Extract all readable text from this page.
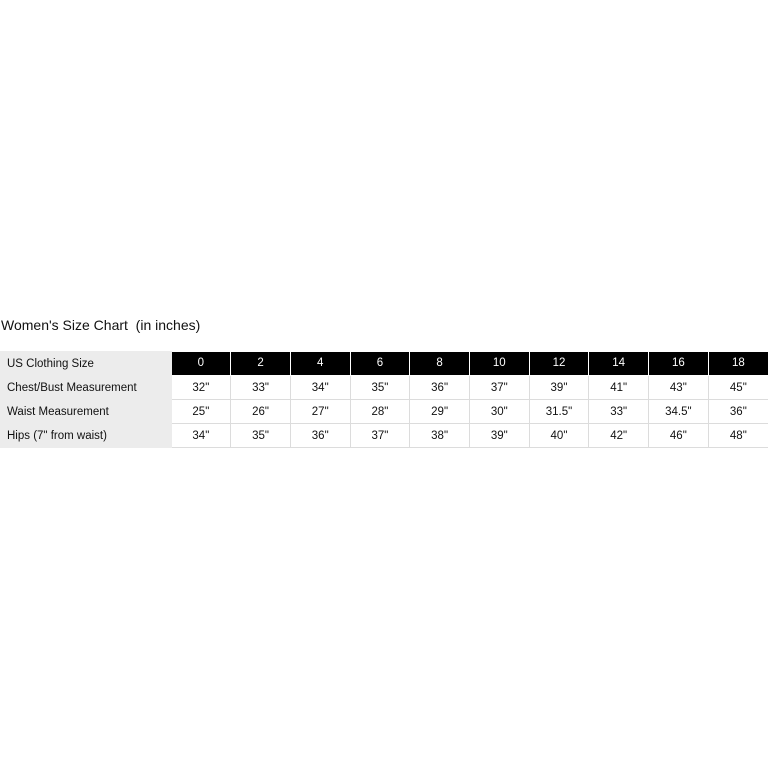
Women's Size Chart  (in inches)
US Clothing Size	0	2	4	6	8	10	12	14	16	18
Chest/Bust Measurement	32"	33"	34"	35"	36"	37"	39"	41"	43"	45"
Waist Measurement	25"	26"	27"	28"	29"	30"	31.5"	33"	34.5"	36"
Hips (7" from waist)	34"	35"	36"	37"	38"	39"	40"	42"	46"	48"
